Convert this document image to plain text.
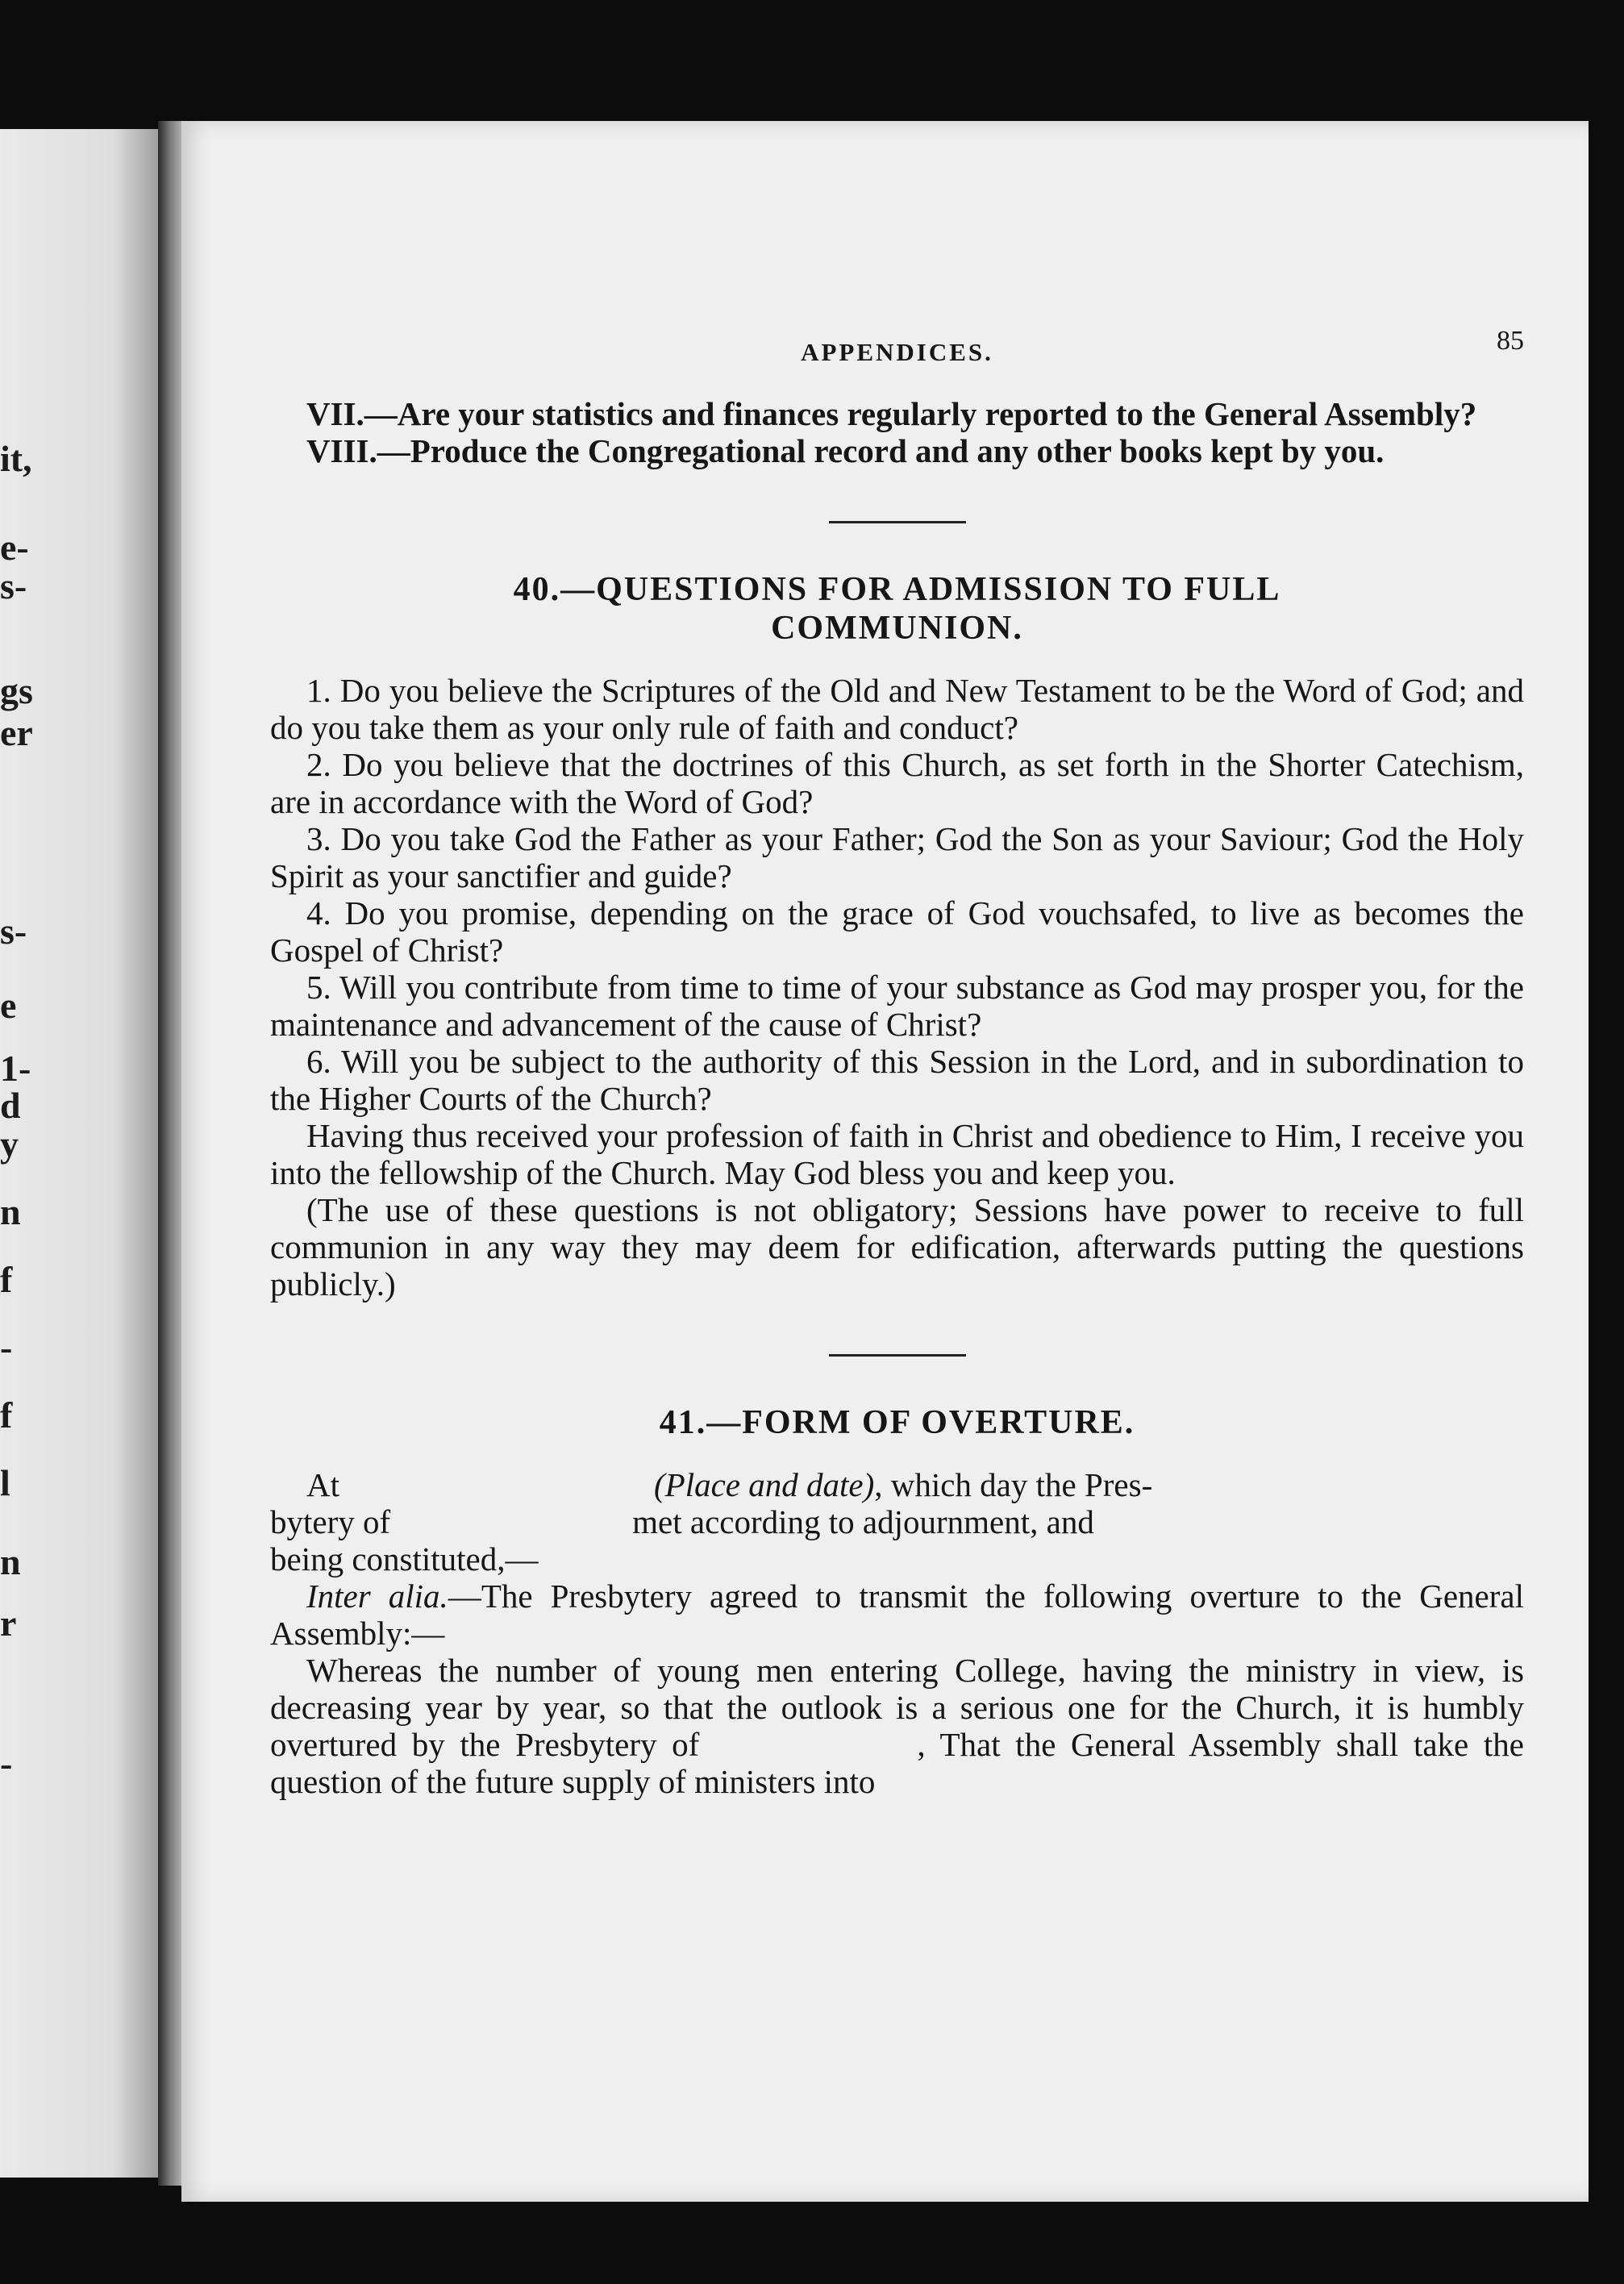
it,
e-
s-
gs
er
s-
e
1-
d
y
n
f
-
f
l
n
r
-
APPENDICES.	85

VII.—Are your statistics and finances regularly reported to the General Assembly?

VIII.—Produce the Congregational record and any other books kept by you.

40.—QUESTIONS FOR ADMISSION TO FULL
COMMUNION.

1. Do you believe the Scriptures of the Old and New Testament to be the Word of God; and do you take them as your only rule of faith and conduct?

2. Do you believe that the doctrines of this Church, as set forth in the Shorter Catechism, are in accordance with the Word of God?

3. Do you take God the Father as your Father; God the Son as your Saviour; God the Holy Spirit as your sanctifier and guide?

4. Do you promise, depending on the grace of God vouchsafed, to live as becomes the Gospel of Christ?

5. Will you contribute from time to time of your substance as God may prosper you, for the maintenance and advancement of the cause of Christ?

6. Will you be subject to the authority of this Session in the Lord, and in subordination to the Higher Courts of the Church?

Having thus received your profession of faith in Christ and obedience to Him, I receive you into the fellowship of the Church. May God bless you and keep you.

(The use of these questions is not obligatory; Sessions have power to receive to full communion in any way they may deem for edification, afterwards putting the questions publicly.)

41.—FORM OF OVERTURE.

At	(Place and date), which day the Pres-

bytery of	met according to adjournment, and

being constituted,—

Inter alia.—The Presbytery agreed to transmit the following overture to the General Assembly:—

Whereas the number of young men entering College, having the ministry in view, is decreasing year by year, so that the outlook is a serious one for the Church, it is humbly overtured by the Presbytery of	, That the General Assembly shall take the question of the future supply of ministers into
